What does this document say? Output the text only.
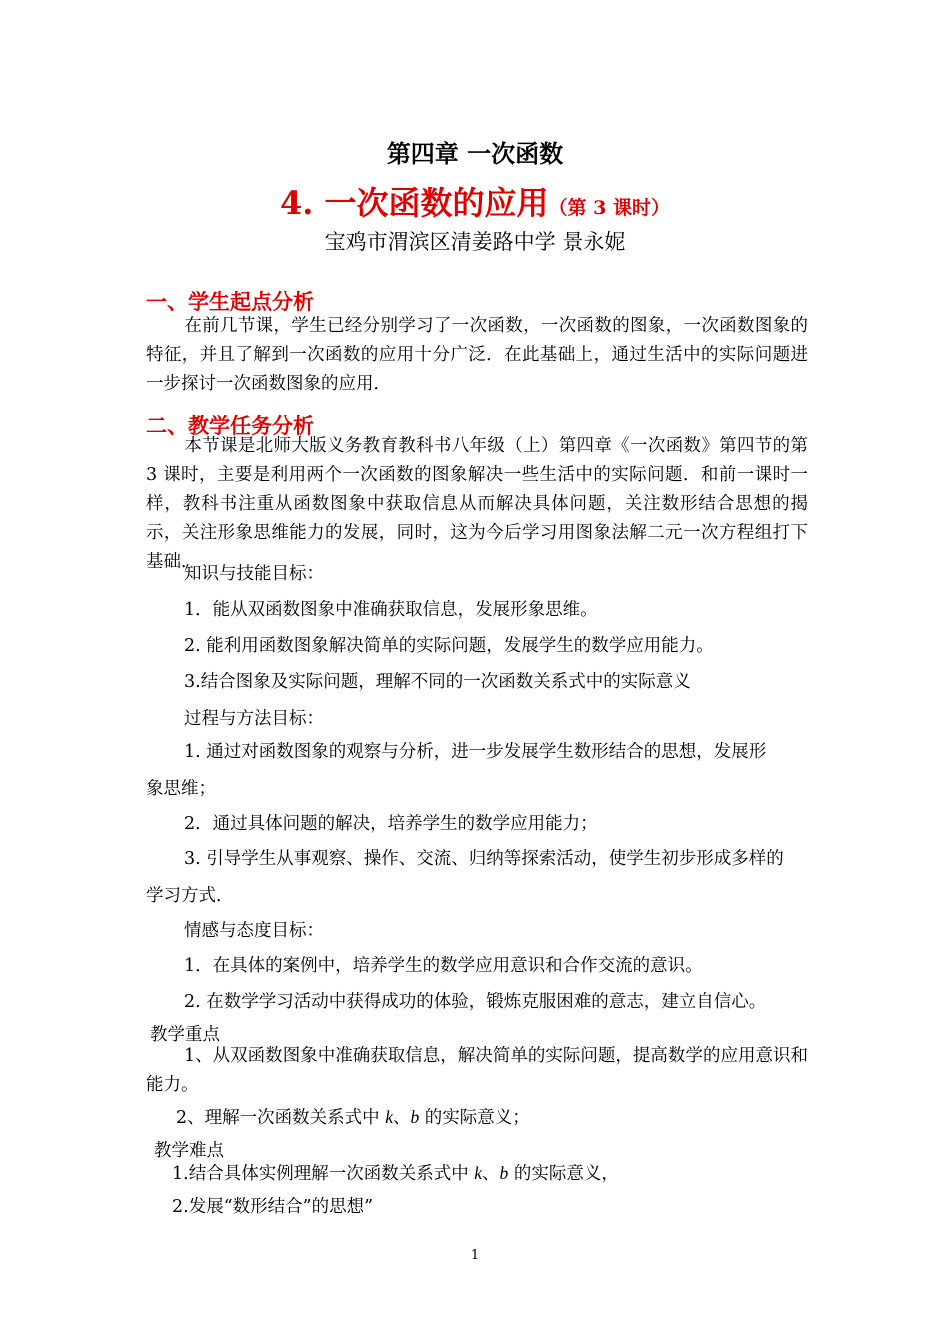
第四章 一次函数
4. 一次函数的应用（第 3 课时）
宝鸡市渭滨区清姜路中学 景永妮
一、学生起点分析
在前几节课，学生已经分别学习了一次函数，一次函数的图象，一次函数图象的特征，并且了解到一次函数的应用十分广泛．在此基础上，通过生活中的实际问题进一步探讨一次函数图象的应用．
二、教学任务分析
本节课是北师大版义务教育教科书八年级（上）第四章《一次函数》第四节的第 3 课时，主要是利用两个一次函数的图象解决一些生活中的实际问题．和前一课时一样，教科书注重从函数图象中获取信息从而解决具体问题，关注数形结合思想的揭示，关注形象思维能力的发展，同时，这为今后学习用图象法解二元一次方程组打下基础．
知识与技能目标：
1．能从双函数图象中准确获取信息，发展形象思维。
2. 能利用函数图象解决简单的实际问题，发展学生的数学应用能力。
3.结合图象及实际问题，理解不同的一次函数关系式中的实际意义
过程与方法目标：
1. 通过对函数图象的观察与分析，进一步发展学生数形结合的思想，发展形
象思维；
2．通过具体问题的解决，培养学生的数学应用能力；
3. 引导学生从事观察、操作、交流、归纳等探索活动，使学生初步形成多样的
学习方式．
情感与态度目标：
1．在具体的案例中，培养学生的数学应用意识和合作交流的意识。
2. 在数学学习活动中获得成功的体验，锻炼克服困难的意志，建立自信心。
教学重点
1、从双函数图象中准确获取信息，解决简单的实际问题，提高数学的应用意识和能力。
2、理解一次函数关系式中 k、b 的实际意义；
教学难点
1.结合具体实例理解一次函数关系式中 k、b 的实际意义，
2.发展“数形结合”的思想”
1
